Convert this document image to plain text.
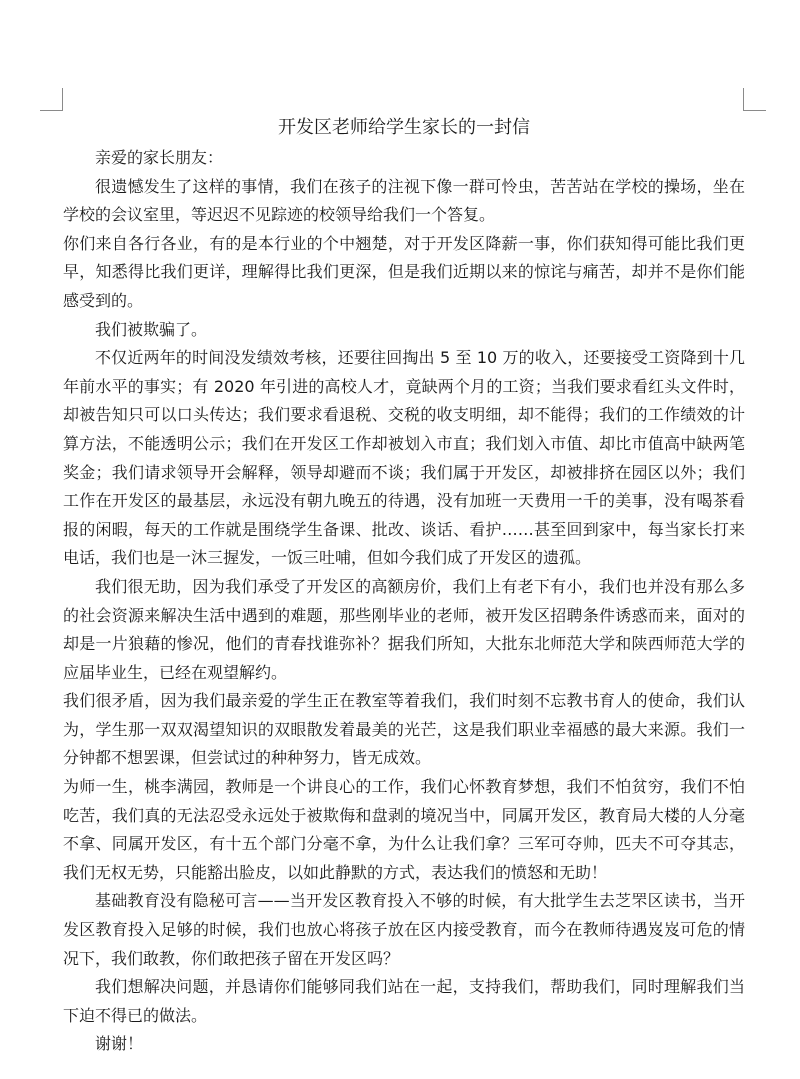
开发区老师给学生家长的一封信

亲爱的家长朋友：

很遗憾发生了这样的事情，我们在孩子的注视下像一群可怜虫，苦苦站在学校的操场，坐在学校的会议室里，等迟迟不见踪迹的校领导给我们一个答复。

你们来自各行各业，有的是本行业的个中翘楚，对于开发区降薪一事，你们获知得可能比我们更早，知悉得比我们更详，理解得比我们更深，但是我们近期以来的惊诧与痛苦，却并不是你们能感受到的。

我们被欺骗了。

不仅近两年的时间没发绩效考核，还要往回掏出 5 至 10 万的收入，还要接受工资降到十几年前水平的事实；有 2020 年引进的高校人才，竟缺两个月的工资；当我们要求看红头文件时，却被告知只可以口头传达；我们要求看退税、交税的收支明细，却不能得；我们的工作绩效的计算方法，不能透明公示；我们在开发区工作却被划入市直；我们划入市值、却比市值高中缺两笔奖金；我们请求领导开会解释，领导却避而不谈；我们属于开发区，却被排挤在园区以外；我们工作在开发区的最基层，永远没有朝九晚五的待遇，没有加班一天费用一千的美事，没有喝茶看报的闲暇，每天的工作就是围绕学生备课、批改、谈话、看护……甚至回到家中，每当家长打来电话，我们也是一沐三握发，一饭三吐哺，但如今我们成了开发区的遗孤。

我们很无助，因为我们承受了开发区的高额房价，我们上有老下有小，我们也并没有那么多的社会资源来解决生活中遇到的难题，那些刚毕业的老师，被开发区招聘条件诱惑而来，面对的却是一片狼藉的惨况，他们的青春找谁弥补？据我们所知，大批东北师范大学和陕西师范大学的应届毕业生，已经在观望解约。

我们很矛盾，因为我们最亲爱的学生正在教室等着我们，我们时刻不忘教书育人的使命，我们认为，学生那一双双渴望知识的双眼散发着最美的光芒，这是我们职业幸福感的最大来源。我们一分钟都不想罢课，但尝试过的种种努力，皆无成效。

为师一生，桃李满园，教师是一个讲良心的工作，我们心怀教育梦想，我们不怕贫穷，我们不怕吃苦，我们真的无法忍受永远处于被欺侮和盘剥的境况当中，同属开发区，教育局大楼的人分毫不拿、同属开发区，有十五个部门分毫不拿，为什么让我们拿？三军可夺帅，匹夫不可夺其志，我们无权无势，只能豁出脸皮，以如此静默的方式，表达我们的愤怒和无助！

基础教育没有隐秘可言——当开发区教育投入不够的时候，有大批学生去芝罘区读书，当开发区教育投入足够的时候，我们也放心将孩子放在区内接受教育，而今在教师待遇岌岌可危的情况下，我们敢教，你们敢把孩子留在开发区吗？

我们想解决问题，并恳请你们能够同我们站在一起，支持我们，帮助我们，同时理解我们当下迫不得已的做法。

谢谢！
